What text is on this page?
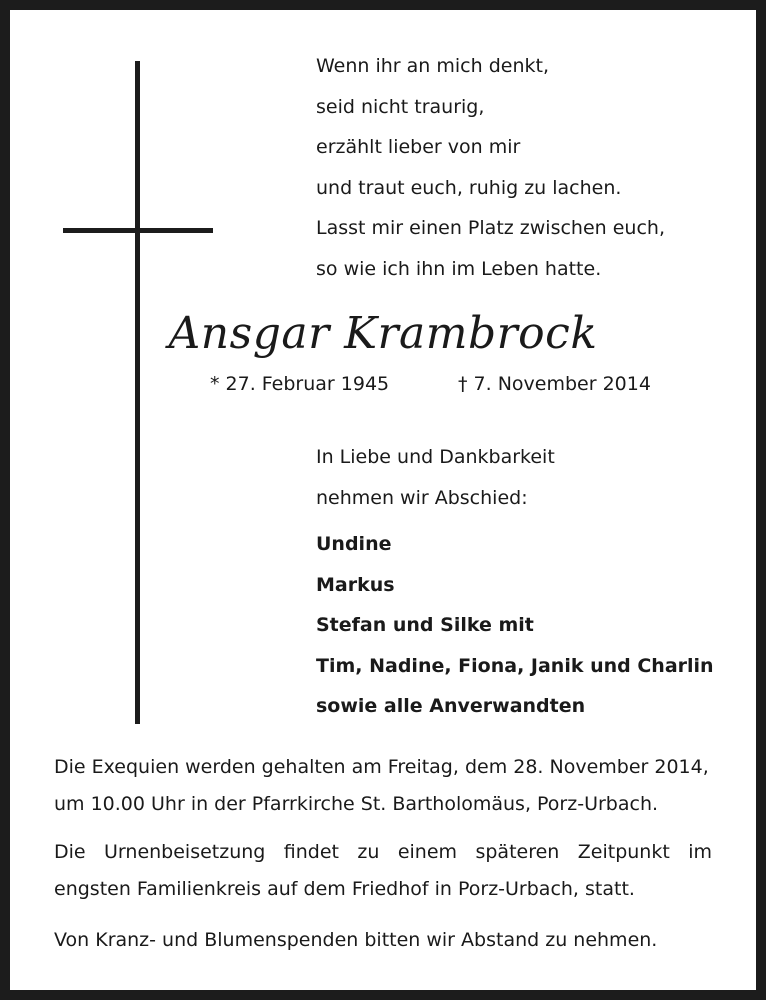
Wenn ihr an mich denkt,
seid nicht traurig,
erzählt lieber von mir
und traut euch, ruhig zu lachen.
Lasst mir einen Platz zwischen euch,
so wie ich ihn im Leben hatte.
Ansgar Krambrock
* 27. Februar 1945	† 7. November 2014
In Liebe und Dankbarkeit
nehmen wir Abschied:
Undine
Markus
Stefan und Silke mit
Tim, Nadine, Fiona, Janik und Charlin
sowie alle Anverwandten
Die Exequien werden gehalten am Freitag, dem 28. November 2014,
um 10.00 Uhr in der Pfarrkirche St. Bartholomäus, Porz-Urbach.
Die Urnenbeisetzung findet zu einem späteren Zeitpunkt im
engsten Familienkreis auf dem Friedhof in Porz-Urbach, statt.
Von Kranz- und Blumenspenden bitten wir Abstand zu nehmen.
